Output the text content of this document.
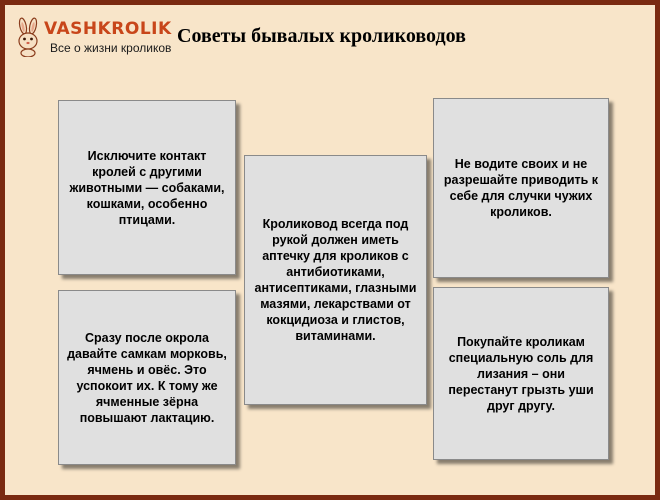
VASHKROLIK
Все о жизни кроликов
Советы бывалых кролиководов
Исключите контакт кролей с другими животными — собаками, кошками, особенно птицами.
Сразу после окрола давайте самкам морковь, ячмень и овёс. Это успокоит их. К тому же ячменные зёрна повышают лактацию.
Кроликовод всегда под рукой должен иметь аптечку для кроликов с антибиотиками, антисептиками, глазными мазями, лекарствами от кокцидиоза и глистов, витаминами.
Не водите своих и не разрешайте приводить к себе для случки чужих кроликов.
Покупайте кроликам специальную соль для лизания – они перестанут грызть уши друг другу.
